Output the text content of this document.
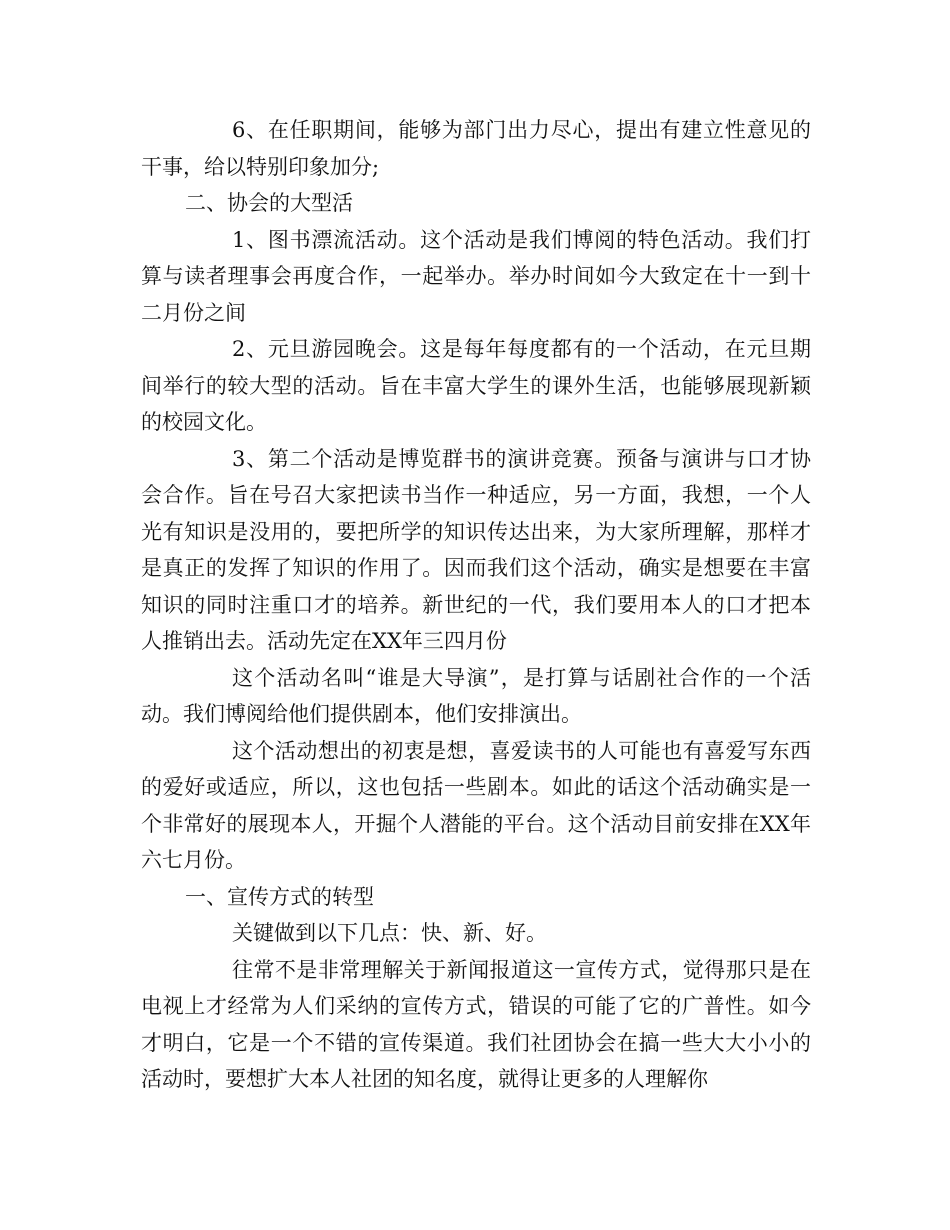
6、在任职期间，能够为部门出力尽心，提出有建立性意见的干事，给以特别印象加分;

二、协会的大型活

1、图书漂流活动。这个活动是我们博阅的特色活动。我们打算与读者理事会再度合作，一起举办。举办时间如今大致定在十一到十二月份之间

2、元旦游园晚会。这是每年每度都有的一个活动，在元旦期间举行的较大型的活动。旨在丰富大学生的课外生活，也能够展现新颖的校园文化。

3、第二个活动是博览群书的演讲竞赛。预备与演讲与口才协会合作。旨在号召大家把读书当作一种适应，另一方面，我想，一个人光有知识是没用的，要把所学的知识传达出来，为大家所理解，那样才是真正的发挥了知识的作用了。因而我们这个活动，确实是想要在丰富知识的同时注重口才的培养。新世纪的一代，我们要用本人的口才把本人推销出去。活动先定在XX年三四月份

这个活动名叫“谁是大导演”，是打算与话剧社合作的一个活动。我们博阅给他们提供剧本，他们安排演出。

这个活动想出的初衷是想，喜爱读书的人可能也有喜爱写东西的爱好或适应，所以，这也包括一些剧本。如此的话这个活动确实是一个非常好的展现本人，开掘个人潜能的平台。这个活动目前安排在XX年六七月份。

一、宣传方式的转型

关键做到以下几点：快、新、好。

往常不是非常理解关于新闻报道这一宣传方式，觉得那只是在电视上才经常为人们采纳的宣传方式，错误的可能了它的广普性。如今才明白，它是一个不错的宣传渠道。我们社团协会在搞一些大大小小的活动时，要想扩大本人社团的知名度，就得让更多的人理解你
